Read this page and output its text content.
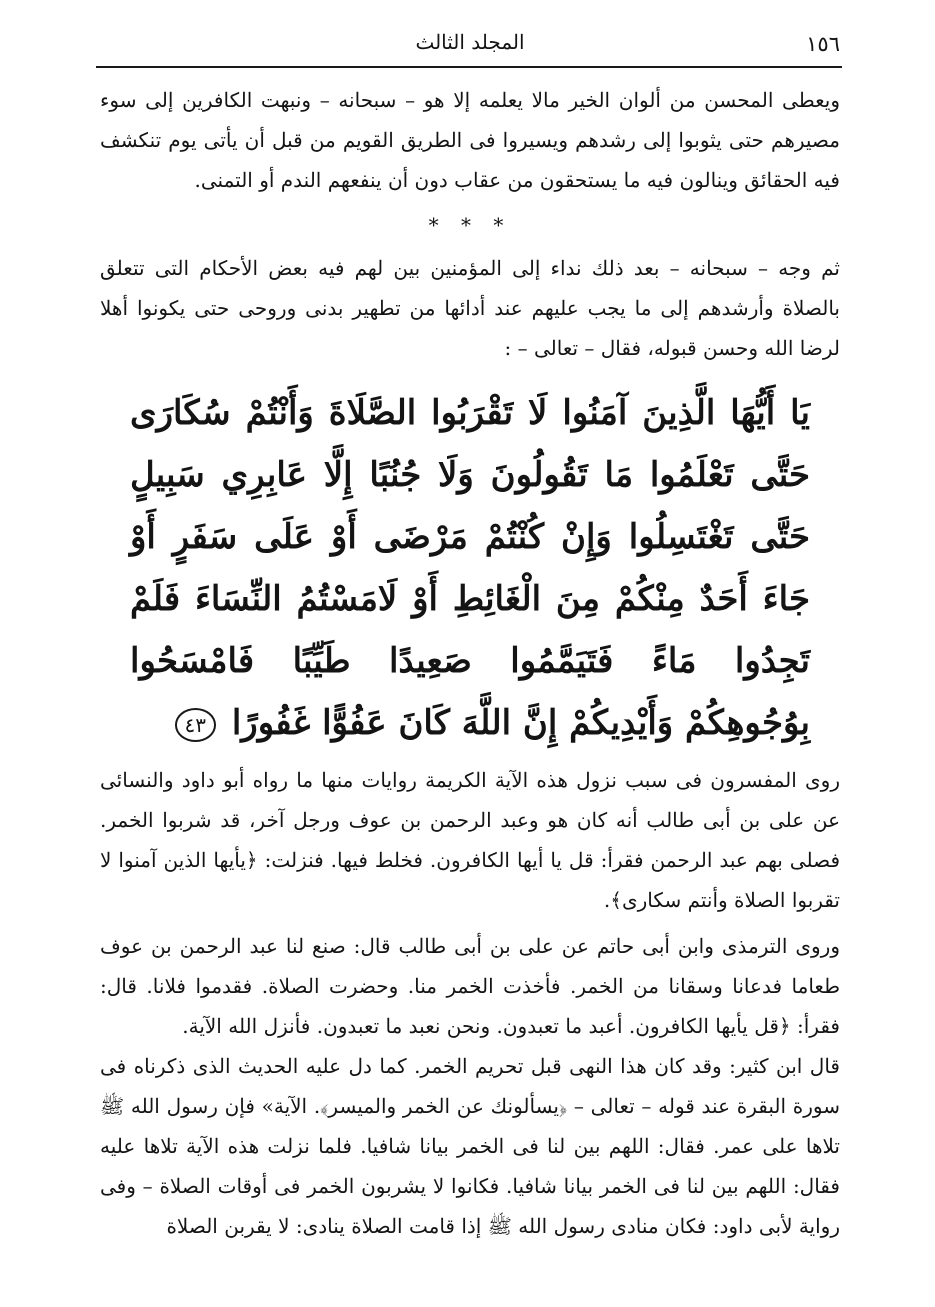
١٥٦
المجلد الثالث

ويعطى المحسن من ألوان الخير مالا يعلمه إلا هو – سبحانه – ونبهت الكافرين إلى سوء مصيرهم حتى يثوبوا إلى رشدهم ويسيروا فى الطريق القويم من قبل أن يأتى يوم تنكشف فيه الحقائق وينالون فيه ما يستحقون من عقاب دون أن ينفعهم الندم أو التمنى.

* * *

ثم وجه – سبحانه – بعد ذلك نداء إلى المؤمنين بين لهم فيه بعض الأحكام التى تتعلق بالصلاة وأرشدهم إلى ما يجب عليهم عند أدائها من تطهير بدنى وروحى حتى يكونوا أهلا لرضا الله وحسن قبوله، فقال – تعالى – :

يَا أَيُّهَا الَّذِينَ آمَنُوا لَا تَقْرَبُوا الصَّلَاةَ وَأَنْتُمْ سُكَارَى حَتَّى تَعْلَمُوا مَا تَقُولُونَ وَلَا جُنُبًا إِلَّا عَابِرِي سَبِيلٍ حَتَّى تَغْتَسِلُوا وَإِنْ كُنْتُمْ مَرْضَى أَوْ عَلَى سَفَرٍ أَوْ جَاءَ أَحَدٌ مِنْكُمْ مِنَ الْغَائِطِ أَوْ لَامَسْتُمُ النِّسَاءَ فَلَمْ تَجِدُوا مَاءً فَتَيَمَّمُوا صَعِيدًا طَيِّبًا فَامْسَحُوا بِوُجُوهِكُمْ وَأَيْدِيكُمْ إِنَّ اللَّهَ كَانَ عَفُوًّا غَفُورًا ٤٣

روى المفسرون فى سبب نزول هذه الآية الكريمة روايات منها ما رواه أبو داود والنسائى عن على بن أبى طالب أنه كان هو وعبد الرحمن بن عوف ورجل آخر، قد شربوا الخمر. فصلى بهم عبد الرحمن فقرأ: قل يا أيها الكافرون. فخلط فيها. فنزلت: ﴿يأيها الذين آمنوا لا تقربوا الصلاة وأنتم سكارى﴾.

وروى الترمذى وابن أبى حاتم عن على بن أبى طالب قال: صنع لنا عبد الرحمن بن عوف طعاما فدعانا وسقانا من الخمر. فأخذت الخمر منا. وحضرت الصلاة. فقدموا فلانا. قال: فقرأ: ﴿قل يأيها الكافرون. أعبد ما تعبدون. ونحن نعبد ما تعبدون. فأنزل الله الآية.

قال ابن كثير: وقد كان هذا النهى قبل تحريم الخمر. كما دل عليه الحديث الذى ذكرناه فى سورة البقرة عند قوله – تعالى – ﴿يسألونك عن الخمر والميسر﴾. الآية» فإن رسول الله ﷺ تلاها على عمر. فقال: اللهم بين لنا فى الخمر بيانا شافيا. فلما نزلت هذه الآية تلاها عليه فقال: اللهم بين لنا فى الخمر بيانا شافيا. فكانوا لا يشربون الخمر فى أوقات الصلاة – وفى رواية لأبى داود: فكان منادى رسول الله ﷺ إذا قامت الصلاة ينادى: لا يقربن الصلاة
